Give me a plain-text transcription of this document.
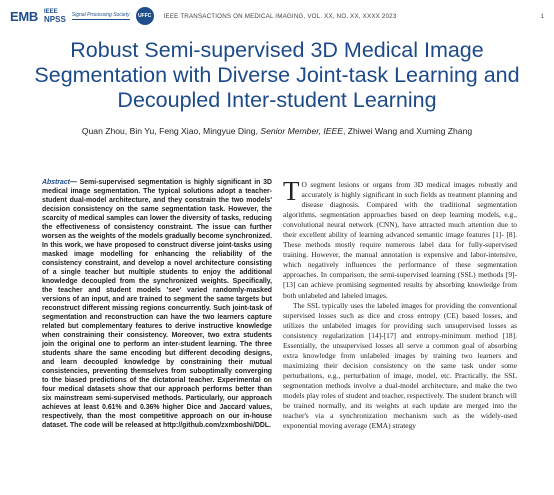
EMB IEEE
NPSS Signal Processing Society	UFFC	IEEE TRANSACTIONS ON MEDICAL IMAGING, VOL. XX, NO. XX, XXXX 2023	1
Robust Semi-supervised 3D Medical Image Segmentation with Diverse Joint-task Learning and Decoupled Inter-student Learning
Quan Zhou, Bin Yu, Feng Xiao, Mingyue Ding, Senior Member, IEEE, Zhiwei Wang and Xuming Zhang
Abstract— Semi-supervised segmentation is highly significant in 3D medical image segmentation. The typical solutions adopt a teacher-student dual-model architecture, and they constrain the two models' decision consistency on the same segmentation task. However, the scarcity of medical samples can lower the diversity of tasks, reducing the effectiveness of consistency constraint. The issue can further worsen as the weights of the models gradually become synchronized. In this work, we have proposed to construct diverse joint-tasks using masked image modelling for enhancing the reliability of the consistency constraint, and develop a novel architecture consisting of a single teacher but multiple students to enjoy the additional knowledge decoupled from the synchronized weights. Specifically, the teacher and student models 'see' varied randomly-masked versions of an input, and are trained to segment the same targets but reconstruct different missing regions concurrently. Such joint-task of segmentation and reconstruction can have the two learners capture related but complementary features to derive instructive knowledge when constraining their consistency. Moreover, two extra students join the original one to perform an inter-student learning. The three students share the same encoding but different decoding designs, and learn decoupled knowledge by constraining their mutual consistencies, preventing themselves from suboptimally converging to the biased predictions of the dictatorial teacher. Experimental on four medical datasets show that our approach performs better than six mainstream semi-supervised methods. Particularly, our approach achieves at least 0.61% and 0.36% higher Dice and Jaccard values, respectively, than the most competitive approach on our in-house dataset. The code will be released at http://github.com/zxmboshi/DDL.

T O segment lesions or organs from 3D medical images robustly and accurately is highly significant in such fields as treatment planning and disease diagnosis. Compared with the traditional segmentation algorithms, segmentation approaches based on deep learning models, e.g., convolutional neural network (CNN), have attracted much attention due to their excellent ability of learning advanced semantic image features [1]- [8]. These methods mostly require numerous label data for fully-supervised training. However, the manual annotation is expensive and labor-intensive, which negatively influences the performance of these segmentation approaches. In comparison, the semi-supervised learning (SSL) methods [9]-[13] can achieve promising segmented results by absorbing knowledge from both unlabeled and labeled images.

The SSL typically uses the labeled images for providing the conventional supervised losses such as dice and cross entropy (CE) based losses, and utilizes the unlabeled images for providing such unsupervised losses as consistency regularization [14]-[17] and entropy-minimum method [18]. Essentially, the unsupervised losses all serve a common goal of absorbing extra knowledge from unlabeled images by training two learners and maximizing their decision consistency on the same task under some perturbations, e.g., perturbation of image, model, etc. Practically, the SSL segmentation methods involve a dual-model architecture, and make the two models play roles of student and teacher, respectively. The student branch will be trained normally, and its weights at each update are merged into the teacher's via a synchronization mechanism such as the widely-used exponential moving average (EMA) strategy
